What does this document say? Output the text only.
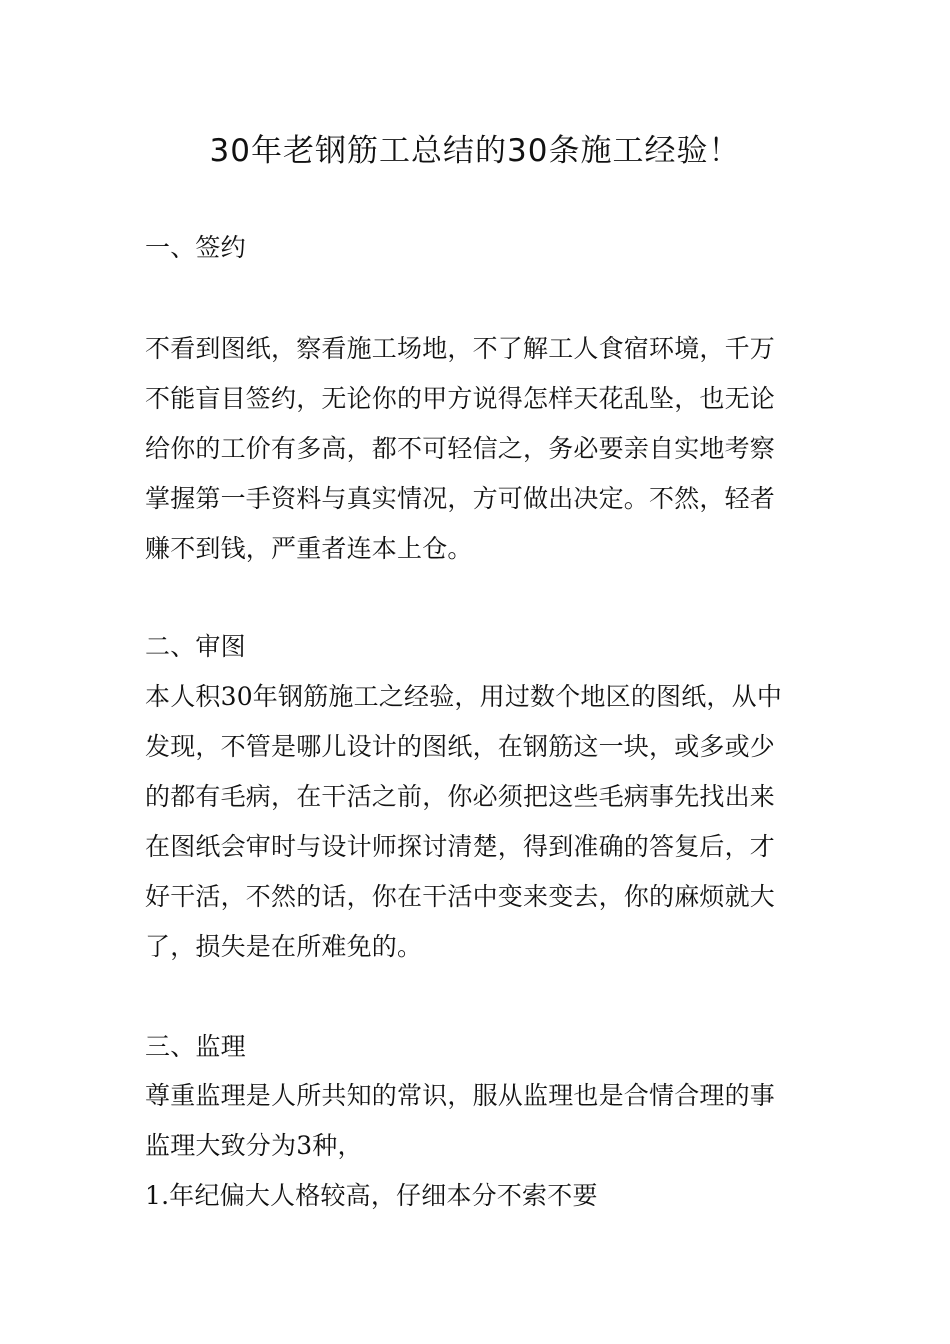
30年老钢筋工总结的30条施工经验！

一、签约

不看到图纸，察看施工场地，不了解工人食宿环境，千万

不能盲目签约，无论你的甲方说得怎样天花乱坠，也无论

给你的工价有多高，都不可轻信之，务必要亲自实地考察

掌握第一手资料与真实情况，方可做出决定。不然，轻者

赚不到钱，严重者连本上仓。

二、审图

本人积30年钢筋施工之经验，用过数个地区的图纸，从中

发现，不管是哪儿设计的图纸，在钢筋这一块，或多或少

的都有毛病，在干活之前，你必须把这些毛病事先找出来

在图纸会审时与设计师探讨清楚，得到准确的答复后，才

好干活，不然的话，你在干活中变来变去，你的麻烦就大

了，损失是在所难免的。

三、监理

尊重监理是人所共知的常识，服从监理也是合情合理的事

监理大致分为3种，

1.年纪偏大人格较高，仔细本分不索不要
